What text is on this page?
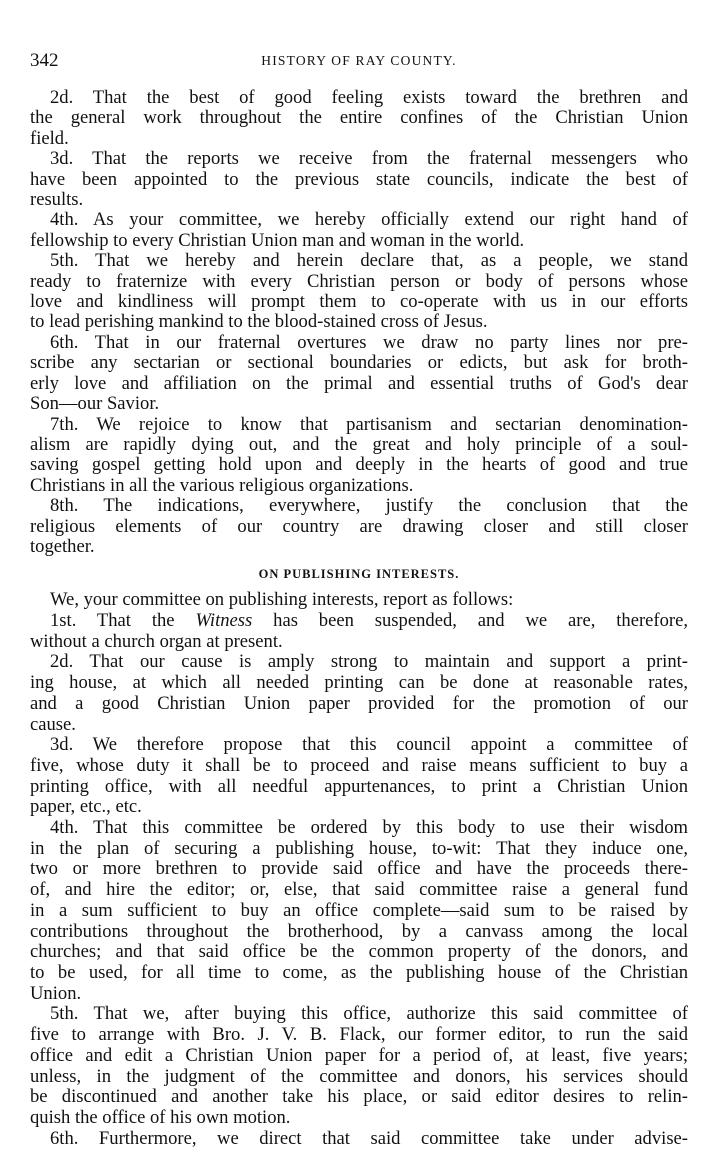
342	HISTORY OF RAY COUNTY.
2d. That the best of good feeling exists toward the brethren and
the general work throughout the entire confines of the Christian Union
field.
3d. That the reports we receive from the fraternal messengers who
have been appointed to the previous state councils, indicate the best of
results.
4th. As your committee, we hereby officially extend our right hand of
fellowship to every Christian Union man and woman in the world.
5th. That we hereby and herein declare that, as a people, we stand
ready to fraternize with every Christian person or body of persons whose
love and kindliness will prompt them to co-operate with us in our efforts
to lead perishing mankind to the blood-stained cross of Jesus.
6th. That in our fraternal overtures we draw no party lines nor pre-
scribe any sectarian or sectional boundaries or edicts, but ask for broth-
erly love and affiliation on the primal and essential truths of God's dear
Son—our Savior.
7th. We rejoice to know that partisanism and sectarian denomination-
alism are rapidly dying out, and the great and holy principle of a soul-
saving gospel getting hold upon and deeply in the hearts of good and true
Christians in all the various religious organizations.
8th. The indications, everywhere, justify the conclusion that the
religious elements of our country are drawing closer and still closer
together.
ON PUBLISHING INTERESTS.
We, your committee on publishing interests, report as follows:
1st. That the Witness has been suspended, and we are, therefore,
without a church organ at present.
2d. That our cause is amply strong to maintain and support a print-
ing house, at which all needed printing can be done at reasonable rates,
and a good Christian Union paper provided for the promotion of our
cause.
3d. We therefore propose that this council appoint a committee of
five, whose duty it shall be to proceed and raise means sufficient to buy a
printing office, with all needful appurtenances, to print a Christian Union
paper, etc., etc.
4th. That this committee be ordered by this body to use their wisdom
in the plan of securing a publishing house, to-wit: That they induce one,
two or more brethren to provide said office and have the proceeds there-
of, and hire the editor; or, else, that said committee raise a general fund
in a sum sufficient to buy an office complete—said sum to be raised by
contributions throughout the brotherhood, by a canvass among the local
churches; and that said office be the common property of the donors, and
to be used, for all time to come, as the publishing house of the Christian
Union.
5th. That we, after buying this office, authorize this said committee of
five to arrange with Bro. J. V. B. Flack, our former editor, to run the said
office and edit a Christian Union paper for a period of, at least, five years;
unless, in the judgment of the committee and donors, his services should
be discontinued and another take his place, or said editor desires to relin-
quish the office of his own motion.
6th. Furthermore, we direct that said committee take under advise-
